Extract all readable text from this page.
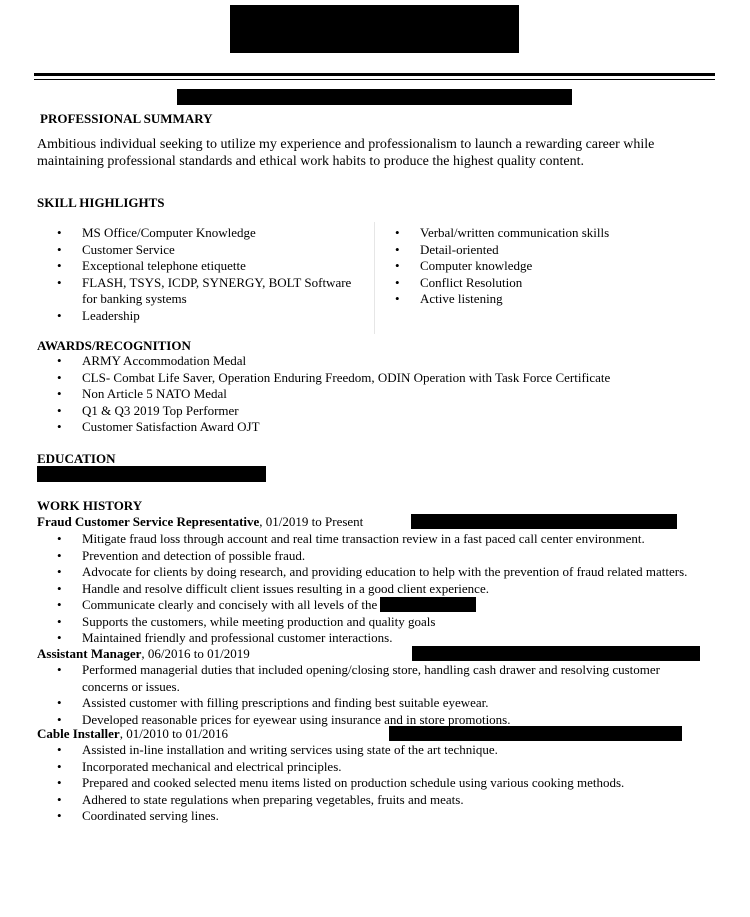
PROFESSIONAL SUMMARY
Ambitious individual seeking to utilize my experience and professionalism to launch a rewarding career while
maintaining professional standards and ethical work habits to produce the highest quality content.
SKILL HIGHLIGHTS
• MS Office/Computer Knowledge
• Customer Service
• Exceptional telephone etiquette
• FLASH, TSYS, ICDP, SYNERGY, BOLT Software
for banking systems
• Leadership
• Verbal/written communication skills
• Detail-oriented
• Computer knowledge
• Conflict Resolution
• Active listening
AWARDS/RECOGNITION
• ARMY Accommodation Medal
• CLS- Combat Life Saver, Operation Enduring Freedom, ODIN Operation with Task Force Certificate
• Non Article 5 NATO Medal
• Q1 & Q3 2019 Top Performer
• Customer Satisfaction Award OJT
EDUCATION
WORK HISTORY
Fraud Customer Service Representative, 01/2019 to Present
• Mitigate fraud loss through account and real time transaction review in a fast paced call center environment.
• Prevention and detection of possible fraud.
• Advocate for clients by doing research, and providing education to help with the prevention of fraud related matters.
• Handle and resolve difficult client issues resulting in a good client experience.
• Communicate clearly and concisely with all levels of the
• Supports the customers, while meeting production and quality goals
• Maintained friendly and professional customer interactions.
Assistant Manager, 06/2016 to 01/2019
• Performed managerial duties that included opening/closing store, handling cash drawer and resolving customer
concerns or issues.
• Assisted customer with filling prescriptions and finding best suitable eyewear.
• Developed reasonable prices for eyewear using insurance and in store promotions.
Cable Installer, 01/2010 to 01/2016
• Assisted in-line installation and writing services using state of the art technique.
• Incorporated mechanical and electrical principles.
• Prepared and cooked selected menu items listed on production schedule using various cooking methods.
• Adhered to state regulations when preparing vegetables, fruits and meats.
• Coordinated serving lines.
